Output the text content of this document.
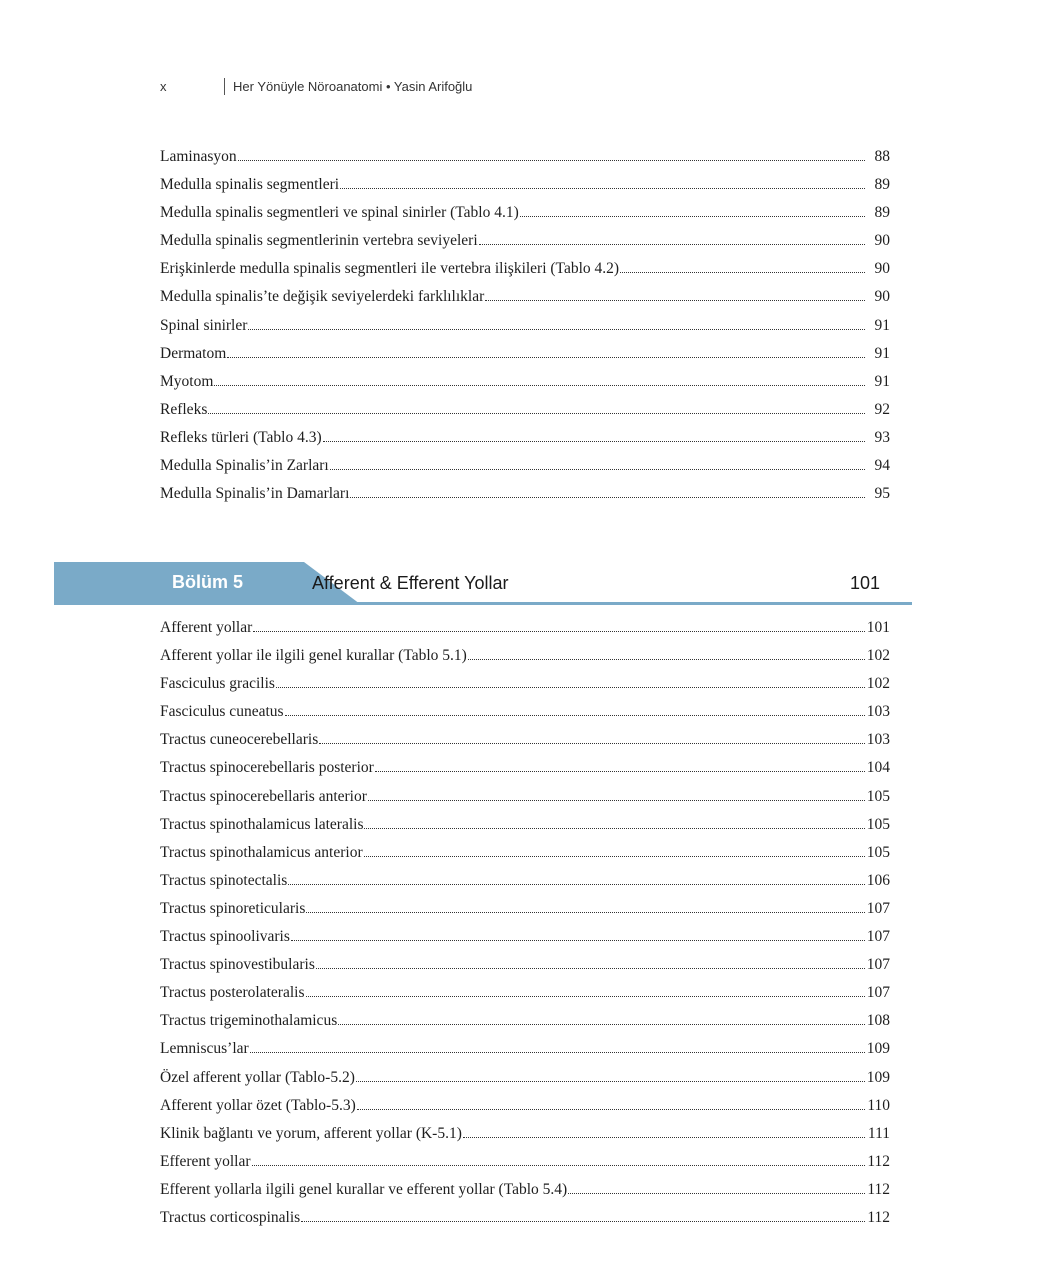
x	Her Yönüyle Nöroanatomi • Yasin Arifoğlu
Laminasyon	88
Medulla spinalis segmentleri	89
Medulla spinalis segmentleri ve spinal sinirler (Tablo 4.1)	89
Medulla spinalis segmentlerinin vertebra seviyeleri	90
Erişkinlerde medulla spinalis segmentleri ile vertebra ilişkileri (Tablo 4.2)	90
Medulla spinalis’te değişik seviyelerdeki farklılıklar	90
Spinal sinirler	91
Dermatom	91
Myotom	91
Refleks	92
Refleks türleri (Tablo 4.3)	93
Medulla Spinalis’in Zarları	94
Medulla Spinalis’in Damarları	95
Bölüm 5	Afferent & Efferent Yollar	101
Afferent yollar	101
Afferent yollar ile ilgili genel kurallar (Tablo 5.1)	102
Fasciculus gracilis	102
Fasciculus cuneatus	103
Tractus cuneocerebellaris	103
Tractus spinocerebellaris posterior	104
Tractus spinocerebellaris anterior	105
Tractus spinothalamicus lateralis	105
Tractus spinothalamicus anterior	105
Tractus spinotectalis	106
Tractus spinoreticularis	107
Tractus spinoolivaris	107
Tractus spinovestibularis	107
Tractus posterolateralis	107
Tractus trigeminothalamicus	108
Lemniscus’lar	109
Özel afferent yollar (Tablo-5.2)	109
Afferent yollar özet (Tablo-5.3)	110
Klinik bağlantı ve yorum, afferent yollar (K-5.1)	111
Efferent yollar	112
Efferent yollarla ilgili genel kurallar ve efferent yollar (Tablo 5.4)	112
Tractus corticospinalis	112
